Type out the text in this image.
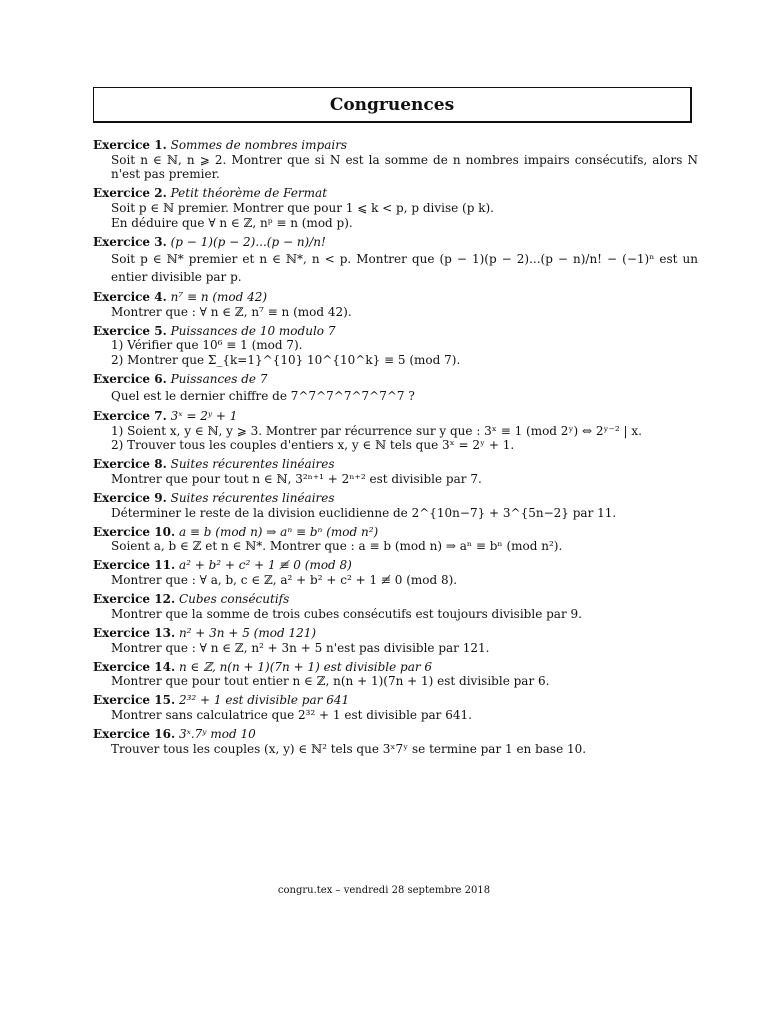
Congruences
Exercice 1. Sommes de nombres impairs
Soit n ∈ ℕ, n ⩾ 2. Montrer que si N est la somme de n nombres impairs consécutifs, alors N n'est pas premier.
Exercice 2. Petit théorème de Fermat
Soit p ∈ ℕ premier. Montrer que pour 1 ⩽ k < p, p divise (p k).
En déduire que ∀ n ∈ ℤ, nᵖ ≡ n (mod p).
Exercice 3. (p − 1)(p − 2)...(p − n)/n!
Soit p ∈ ℕ* premier et n ∈ ℕ*, n < p. Montrer que (p − 1)(p − 2)...(p − n)/n! − (−1)ⁿ est un entier divisible par p.
Exercice 4. n⁷ ≡ n (mod 42)
Montrer que : ∀ n ∈ ℤ, n⁷ ≡ n (mod 42).
Exercice 5. Puissances de 10 modulo 7
1) Vérifier que 10⁶ ≡ 1 (mod 7).
2) Montrer que Σ_{k=1}^{10} 10^{10^k} ≡ 5 (mod 7).
Exercice 6. Puissances de 7
Quel est le dernier chiffre de 7^7^7^7^7^7^7 ?
Exercice 7. 3ˣ = 2ʸ + 1
1) Soient x, y ∈ ℕ, y ⩾ 3. Montrer par récurrence sur y que : 3ˣ ≡ 1 (mod 2ʸ) ⇔ 2ʸ⁻² | x.
2) Trouver tous les couples d'entiers x, y ∈ ℕ tels que 3ˣ = 2ʸ + 1.
Exercice 8. Suites récurentes linéaires
Montrer que pour tout n ∈ ℕ, 3²ⁿ⁺¹ + 2ⁿ⁺² est divisible par 7.
Exercice 9. Suites récurentes linéaires
Déterminer le reste de la division euclidienne de 2^{10n−7} + 3^{5n−2} par 11.
Exercice 10. a ≡ b (mod n) ⇒ aⁿ ≡ bⁿ (mod n²)
Soient a, b ∈ ℤ et n ∈ ℕ*. Montrer que : a ≡ b (mod n) ⇒ aⁿ ≡ bⁿ (mod n²).
Exercice 11. a² + b² + c² + 1 ≢ 0 (mod 8)
Montrer que : ∀ a, b, c ∈ ℤ, a² + b² + c² + 1 ≢ 0 (mod 8).
Exercice 12. Cubes consécutifs
Montrer que la somme de trois cubes consécutifs est toujours divisible par 9.
Exercice 13. n² + 3n + 5 (mod 121)
Montrer que : ∀ n ∈ ℤ, n² + 3n + 5 n'est pas divisible par 121.
Exercice 14. n ∈ ℤ, n(n + 1)(7n + 1) est divisible par 6
Montrer que pour tout entier n ∈ ℤ, n(n + 1)(7n + 1) est divisible par 6.
Exercice 15. 2³² + 1 est divisible par 641
Montrer sans calculatrice que 2³² + 1 est divisible par 641.
Exercice 16. 3ˣ.7ʸ mod 10
Trouver tous les couples (x, y) ∈ ℕ² tels que 3ˣ7ʸ se termine par 1 en base 10.
congru.tex – vendredi 28 septembre 2018
